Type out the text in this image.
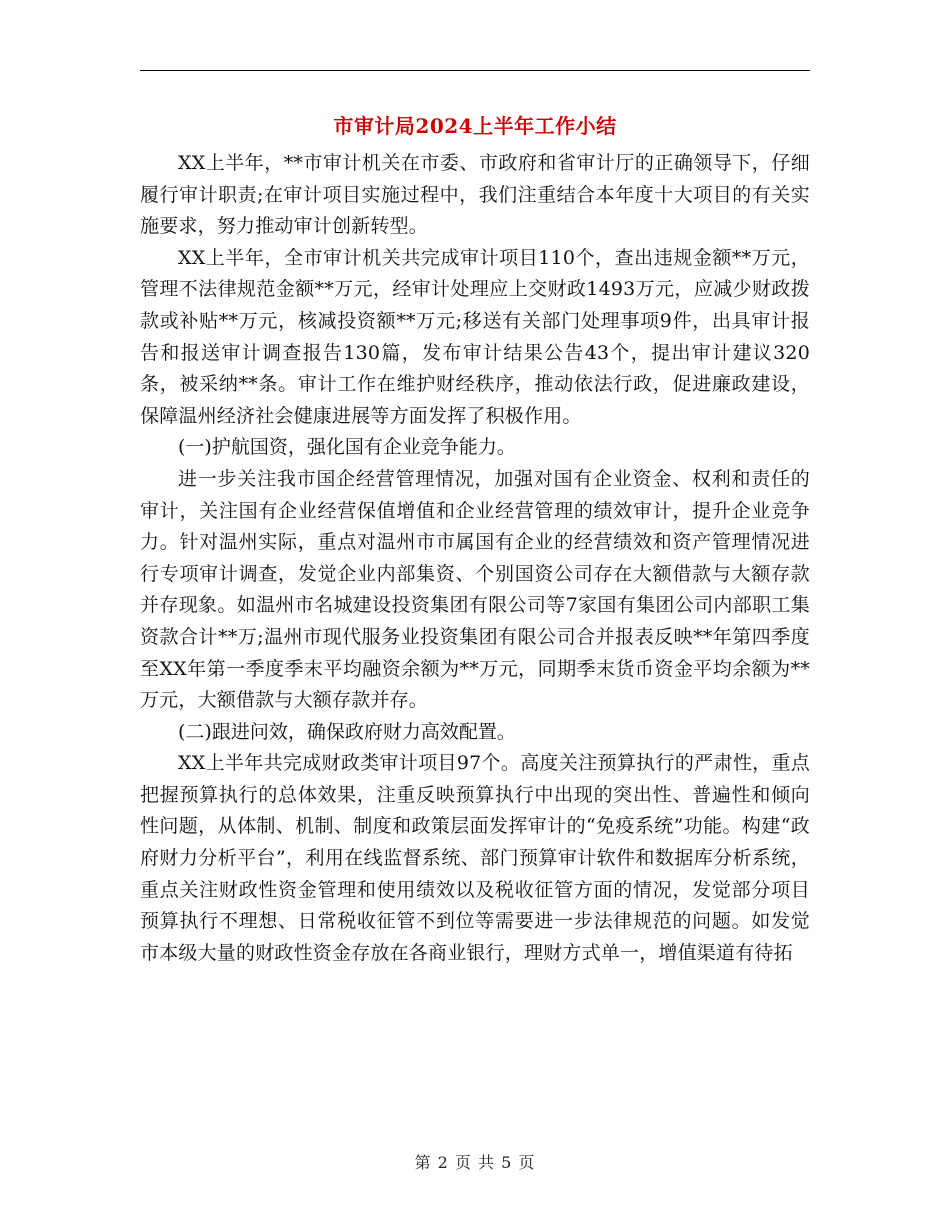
市审计局2024上半年工作小结

XX上半年，**市审计机关在市委、市政府和省审计厅的正确领导下，仔细履行审计职责;在审计项目实施过程中，我们注重结合本年度十大项目的有关实施要求，努力推动审计创新转型。

XX上半年，全市审计机关共完成审计项目110个，查出违规金额**万元，管理不法律规范金额**万元，经审计处理应上交财政1493万元，应减少财政拨款或补贴**万元，核减投资额**万元;移送有关部门处理事项9件，出具审计报告和报送审计调查报告130篇，发布审计结果公告43个，提出审计建议320条，被采纳**条。审计工作在维护财经秩序，推动依法行政，促进廉政建设，保障温州经济社会健康进展等方面发挥了积极作用。

(一)护航国资，强化国有企业竞争能力。

进一步关注我市国企经营管理情况，加强对国有企业资金、权利和责任的审计，关注国有企业经营保值增值和企业经营管理的绩效审计，提升企业竞争力。针对温州实际，重点对温州市市属国有企业的经营绩效和资产管理情况进行专项审计调查，发觉企业内部集资、个别国资公司存在大额借款与大额存款并存现象。如温州市名城建设投资集团有限公司等7家国有集团公司内部职工集资款合计**万;温州市现代服务业投资集团有限公司合并报表反映**年第四季度至XX年第一季度季末平均融资余额为**万元，同期季末货币资金平均余额为**万元，大额借款与大额存款并存。

(二)跟进问效，确保政府财力高效配置。

XX上半年共完成财政类审计项目97个。高度关注预算执行的严肃性，重点把握预算执行的总体效果，注重反映预算执行中出现的突出性、普遍性和倾向性问题，从体制、机制、制度和政策层面发挥审计的“免疫系统”功能。构建“政府财力分析平台”，利用在线监督系统、部门预算审计软件和数据库分析系统，重点关注财政性资金管理和使用绩效以及税收征管方面的情况，发觉部分项目预算执行不理想、日常税收征管不到位等需要进一步法律规范的问题。如发觉市本级大量的财政性资金存放在各商业银行，理财方式单一，增值渠道有待拓

第 2 页 共 5 页
